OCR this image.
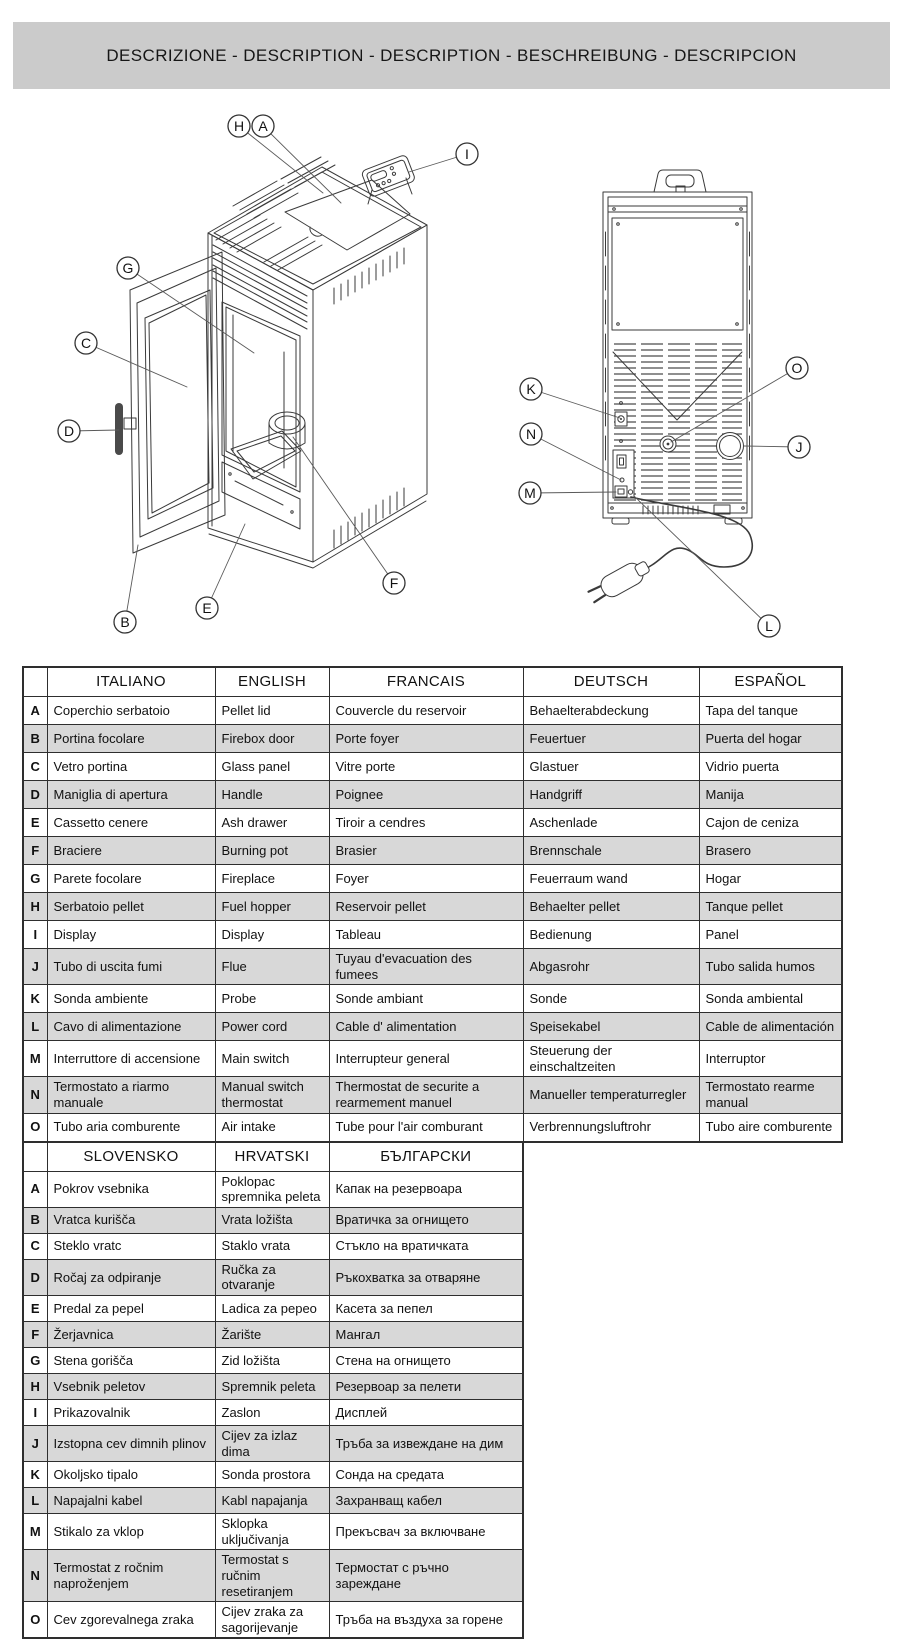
DESCRIZIONE - DESCRIPTION - DESCRIPTION - BESCHREIBUNG - DESCRIPCION
H A
I
G
C
D
B
E
F
K
N
M
O
J
L
	ITALIANO	ENGLISH	FRANCAIS	DEUTSCH	ESPAÑOL
A	Coperchio serbatoio	Pellet lid	Couvercle du reservoir	Behaelterabdeckung	Tapa del tanque
B	Portina focolare	Firebox door	Porte foyer	Feuertuer	Puerta del hogar
C	Vetro portina	Glass panel	Vitre porte	Glastuer	Vidrio puerta
D	Maniglia di apertura	Handle	Poignee	Handgriff	Manija
E	Cassetto cenere	Ash drawer	Tiroir a cendres	Aschenlade	Cajon de ceniza
F	Braciere	Burning pot	Brasier	Brennschale	Brasero
G	Parete focolare	Fireplace	Foyer	Feuerraum wand	Hogar
H	Serbatoio pellet	Fuel hopper	Reservoir pellet	Behaelter pellet	Tanque pellet
I	Display	Display	Tableau	Bedienung	Panel
J	Tubo di uscita fumi	Flue	Tuyau d'evacuation des fumees	Abgasrohr	Tubo salida humos
K	Sonda ambiente	Probe	Sonde ambiant	Sonde	Sonda ambiental
L	Cavo di alimentazione	Power cord	Cable d' alimentation	Speisekabel	Cable de alimentación
M	Interruttore di accensione	Main switch	Interrupteur general	Steuerung der einschaltzeiten	Interruptor
N	Termostato a riarmo manuale	Manual switch thermostat	Thermostat de securite a rearmement manuel	Manueller temperaturregler	Termostato rearme manual
O	Tubo aria comburente	Air intake	Tube pour l'air comburant	Verbrennungsluftrohr	Tubo aire comburente
	SLOVENSKO	HRVATSKI	БЪЛГАРСКИ
A	Pokrov vsebnika	Poklopac spremnika peleta	Капак на резервоара
B	Vratca kurišča	Vrata ložišta	Вратичка за огнището
C	Steklo vratc	Staklo vrata	Стъкло на вратичката
D	Ročaj za odpiranje	Ručka za otvaranje	Ръкохватка за отваряне
E	Predal za pepel	Ladica za pepeo	Касета за пепел
F	Žerjavnica	Žarište	Мангал
G	Stena gorišča	Zid ložišta	Стена на огнището
H	Vsebnik peletov	Spremnik peleta	Резервоар за пелети
I	Prikazovalnik	Zaslon	Дисплей
J	Izstopna cev dimnih plinov	Cijev za izlaz dima	Тръба за извеждане на дим
K	Okoljsko tipalo	Sonda prostora	Сонда на средата
L	Napajalni kabel	Kabl napajanja	Захранващ кабел
M	Stikalo za vklop	Sklopka uključivanja	Прекъсвач за включване
N	Termostat z ročnim naproženjem	Termostat s ručnim resetiranjem	Термостат с ръчно зареждане
O	Cev zgorevalnega zraka	Cijev zraka za sagorijevanje	Тръба на въздуха за горене
